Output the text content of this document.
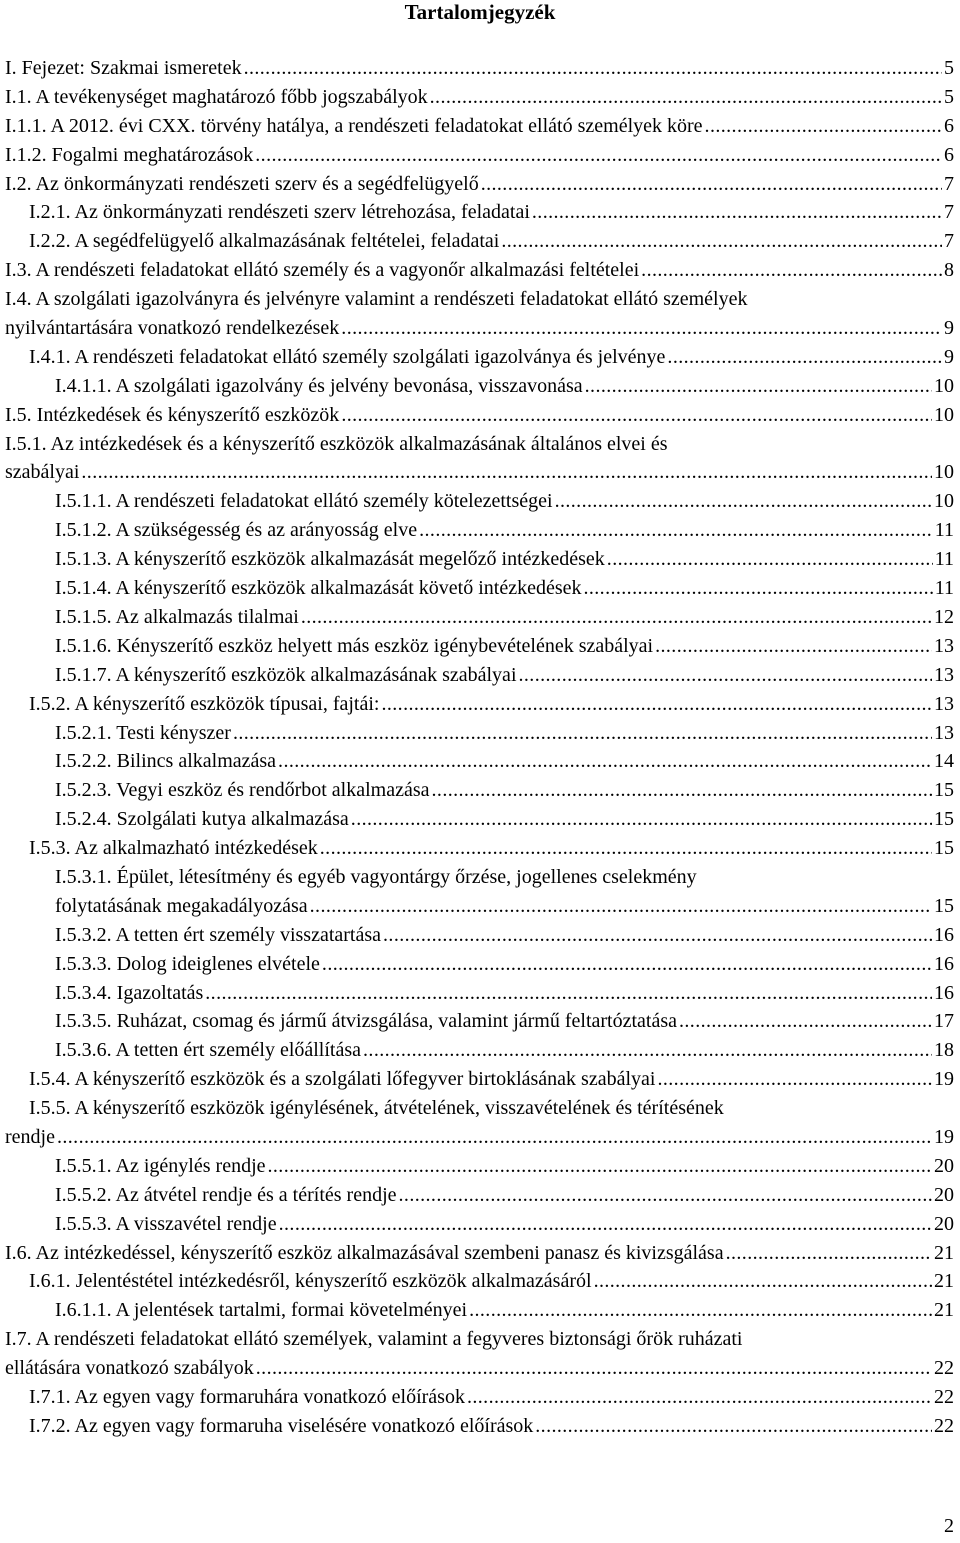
Tartalomjegyzék
I. Fejezet: Szakmai ismeretek .....	5
I.1. A tevékenységet maghatározó főbb jogszabályok .....	5
I.1.1. A 2012. évi CXX. törvény hatálya, a rendészeti feladatokat ellátó személyek köre .....	6
I.1.2. Fogalmi meghatározások .....	6
I.2. Az önkormányzati rendészeti szerv és a segédfelügyelő .....	7
I.2.1. Az önkormányzati rendészeti szerv létrehozása, feladatai .....	7
I.2.2. A segédfelügyelő alkalmazásának feltételei, feladatai .....	7
I.3. A rendészeti feladatokat ellátó személy és a vagyonőr alkalmazási feltételei .....	8
I.4. A szolgálati igazolványra és jelvényre valamint a rendészeti feladatokat ellátó személyek
nyilvántartására vonatkozó rendelkezések .....	9
I.4.1. A rendészeti feladatokat ellátó személy szolgálati igazolványa és jelvénye .....	9
I.4.1.1. A szolgálati igazolvány és jelvény bevonása, visszavonása .....	10
I.5. Intézkedések és kényszerítő eszközök .....	10
I.5.1. Az intézkedések és a kényszerítő eszközök alkalmazásának általános elvei és
szabályai .....	10
I.5.1.1. A rendészeti feladatokat ellátó személy kötelezettségei .....	10
I.5.1.2. A szükségesség és az arányosság elve .....	11
I.5.1.3. A kényszerítő eszközök alkalmazását megelőző intézkedések .....	11
I.5.1.4. A kényszerítő eszközök alkalmazását követő intézkedések .....	11
I.5.1.5. Az alkalmazás tilalmai .....	12
I.5.1.6. Kényszerítő eszköz helyett más eszköz igénybevételének szabályai .....	13
I.5.1.7. A kényszerítő eszközök alkalmazásának szabályai .....	13
I.5.2. A kényszerítő eszközök típusai, fajtái: .....	13
I.5.2.1. Testi kényszer .....	13
I.5.2.2. Bilincs alkalmazása .....	14
I.5.2.3. Vegyi eszköz és rendőrbot alkalmazása .....	15
I.5.2.4. Szolgálati kutya alkalmazása .....	15
I.5.3. Az alkalmazható intézkedések .....	15
I.5.3.1. Épület, létesítmény és egyéb vagyontárgy őrzése, jogellenes cselekmény
folytatásának megakadályozása .....	15
I.5.3.2. A tetten ért személy visszatartása .....	16
I.5.3.3. Dolog ideiglenes elvétele .....	16
I.5.3.4. Igazoltatás .....	16
I.5.3.5. Ruházat, csomag és jármű átvizsgálása, valamint jármű feltartóztatása .....	17
I.5.3.6. A tetten ért személy előállítása .....	18
I.5.4. A kényszerítő eszközök és a szolgálati lőfegyver birtoklásának szabályai .....	19
I.5.5. A kényszerítő eszközök igénylésének, átvételének, visszavételének és térítésének
rendje .....	19
I.5.5.1. Az igénylés rendje .....	20
I.5.5.2. Az átvétel rendje és a térítés rendje .....	20
I.5.5.3. A visszavétel rendje .....	20
I.6. Az intézkedéssel, kényszerítő eszköz alkalmazásával szembeni panasz és kivizsgálása .....	21
I.6.1. Jelentéstétel intézkedésről, kényszerítő eszközök alkalmazásáról .....	21
I.6.1.1. A jelentések tartalmi, formai követelményei .....	21
I.7. A rendészeti feladatokat ellátó személyek, valamint a fegyveres biztonsági őrök ruházati
ellátására vonatkozó szabályok .....	22
I.7.1. Az egyen vagy formaruhára vonatkozó előírások .....	22
I.7.2. Az egyen vagy formaruha viselésére vonatkozó előírások .....	22
2
